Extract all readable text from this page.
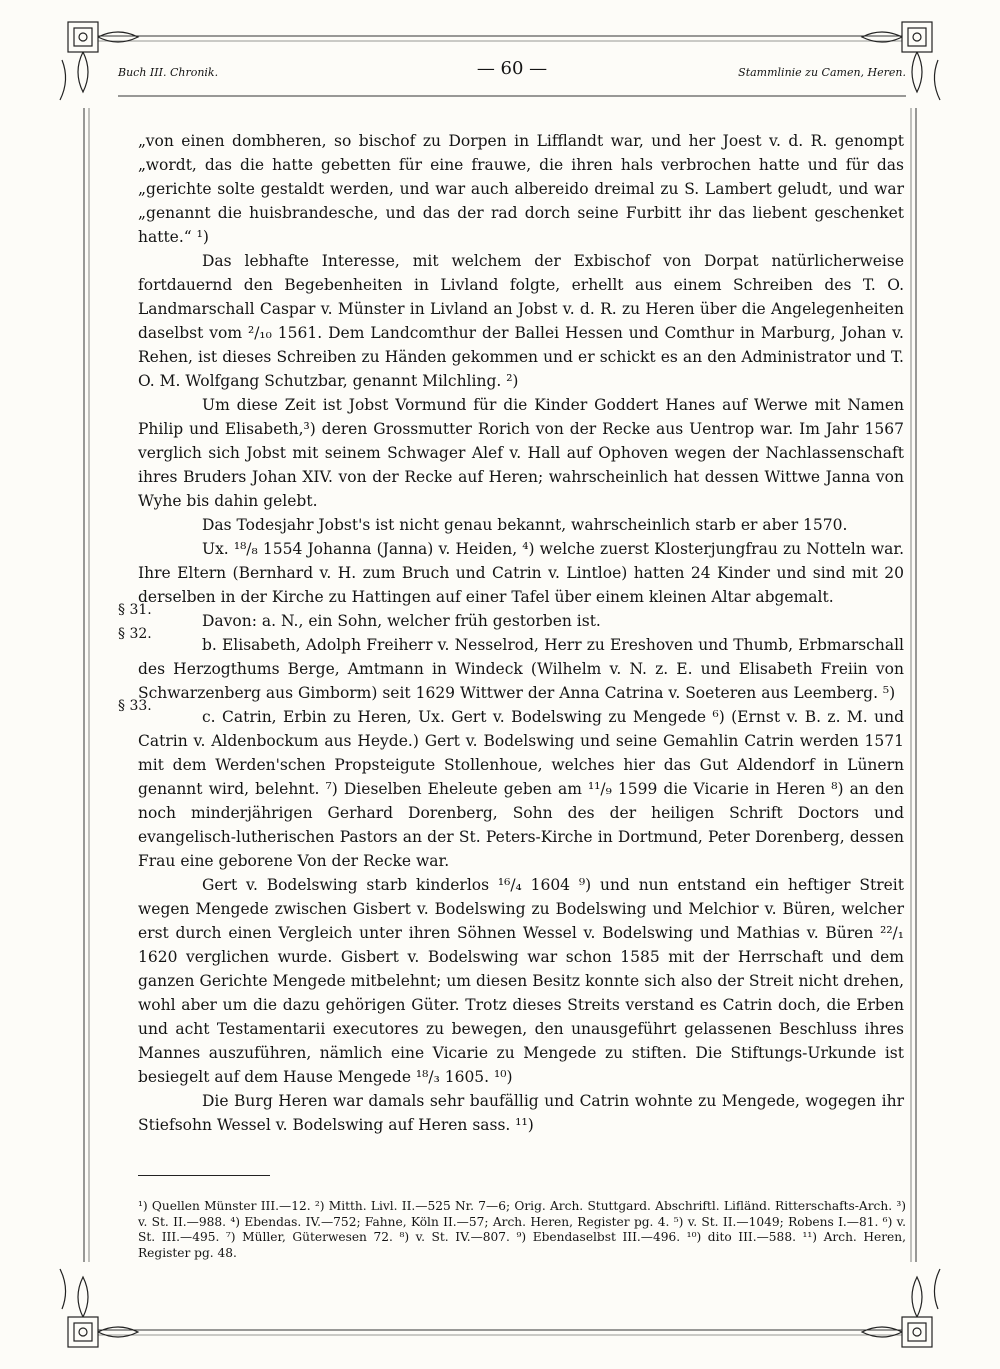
Buch III. Chronik.	— 60 —	Stammlinie zu Camen, Heren.
§ 31.
§ 32.
§ 33.

„von einen dombheren, so bischof zu Dorpen in Lifflandt war, und her Joest v. d. R. genompt „wordt, das die hatte gebetten für eine frauwe, die ihren hals verbrochen hatte und für das „gerichte solte gestaldt werden, und war auch albereido dreimal zu S. Lambert geludt, und war „genannt die huisbrandesche, und das der rad dorch seine Furbitt ihr das liebent geschenket hatte.“ ¹)

Das lebhafte Interesse, mit welchem der Exbischof von Dorpat natürlicherweise fortdauernd den Begebenheiten in Livland folgte, erhellt aus einem Schreiben des T. O. Landmarschall Caspar v. Münster in Livland an Jobst v. d. R. zu Heren über die Angelegenheiten daselbst vom ²/₁₀ 1561. Dem Landcomthur der Ballei Hessen und Comthur in Marburg, Johan v. Rehen, ist dieses Schreiben zu Händen gekommen und er schickt es an den Administrator und T. O. M. Wolfgang Schutzbar, genannt Milchling. ²)

Um diese Zeit ist Jobst Vormund für die Kinder Goddert Hanes auf Werwe mit Namen Philip und Elisabeth,³) deren Grossmutter Rorich von der Recke aus Uentrop war. Im Jahr 1567 verglich sich Jobst mit seinem Schwager Alef v. Hall auf Ophoven wegen der Nachlassenschaft ihres Bruders Johan XIV. von der Recke auf Heren; wahrscheinlich hat dessen Wittwe Janna von Wyhe bis dahin gelebt.

Das Todesjahr Jobst's ist nicht genau bekannt, wahrscheinlich starb er aber 1570.

Ux. ¹⁸/₈ 1554 Johanna (Janna) v. Heiden, ⁴) welche zuerst Klosterjungfrau zu Notteln war. Ihre Eltern (Bernhard v. H. zum Bruch und Catrin v. Lintloe) hatten 24 Kinder und sind mit 20 derselben in der Kirche zu Hattingen auf einer Tafel über einem kleinen Altar abgemalt.

Davon: a. N., ein Sohn, welcher früh gestorben ist.

b. Elisabeth, Adolph Freiherr v. Nesselrod, Herr zu Ereshoven und Thumb, Erbmarschall des Herzogthums Berge, Amtmann in Windeck (Wilhelm v. N. z. E. und Elisabeth Freiin von Schwarzenberg aus Gimborm) seit 1629 Wittwer der Anna Catrina v. Soeteren aus Leemberg. ⁵)

c. Catrin, Erbin zu Heren, Ux. Gert v. Bodelswing zu Mengede ⁶) (Ernst v. B. z. M. und Catrin v. Aldenbockum aus Heyde.) Gert v. Bodelswing und seine Gemahlin Catrin werden 1571 mit dem Werden'schen Propsteigute Stollenhoue, welches hier das Gut Aldendorf in Lünern genannt wird, belehnt. ⁷) Dieselben Eheleute geben am ¹¹/₉ 1599 die Vicarie in Heren ⁸) an den noch minderjährigen Gerhard Dorenberg, Sohn des der heiligen Schrift Doctors und evangelisch-lutherischen Pastors an der St. Peters-Kirche in Dortmund, Peter Dorenberg, dessen Frau eine geborene Von der Recke war.

Gert v. Bodelswing starb kinderlos ¹⁶/₄ 1604 ⁹) und nun entstand ein heftiger Streit wegen Mengede zwischen Gisbert v. Bodelswing zu Bodelswing und Melchior v. Büren, welcher erst durch einen Vergleich unter ihren Söhnen Wessel v. Bodelswing und Mathias v. Büren ²²/₁ 1620 verglichen wurde. Gisbert v. Bodelswing war schon 1585 mit der Herrschaft und dem ganzen Gerichte Mengede mitbelehnt; um diesen Besitz konnte sich also der Streit nicht drehen, wohl aber um die dazu gehörigen Güter. Trotz dieses Streits verstand es Catrin doch, die Erben und acht Testamentarii executores zu bewegen, den unausgeführt gelassenen Beschluss ihres Mannes auszuführen, nämlich eine Vicarie zu Mengede zu stiften. Die Stiftungs-Urkunde ist besiegelt auf dem Hause Mengede ¹⁸/₃ 1605. ¹⁰)

Die Burg Heren war damals sehr baufällig und Catrin wohnte zu Mengede, wogegen ihr Stiefsohn Wessel v. Bodelswing auf Heren sass. ¹¹)

¹) Quellen Münster III.—12. ²) Mitth. Livl. II.—525 Nr. 7—6; Orig. Arch. Stuttgard. Abschriftl. Lifländ. Ritterschafts-Arch. ³) v. St. II.—988. ⁴) Ebendas. IV.—752; Fahne, Köln II.—57; Arch. Heren, Register pg. 4. ⁵) v. St. II.—1049; Robens I.—81. ⁶) v. St. III.—495. ⁷) Müller, Güterwesen 72. ⁸) v. St. IV.—807. ⁹) Ebendaselbst III.—496. ¹⁰) dito III.—588. ¹¹) Arch. Heren, Register pg. 48.
